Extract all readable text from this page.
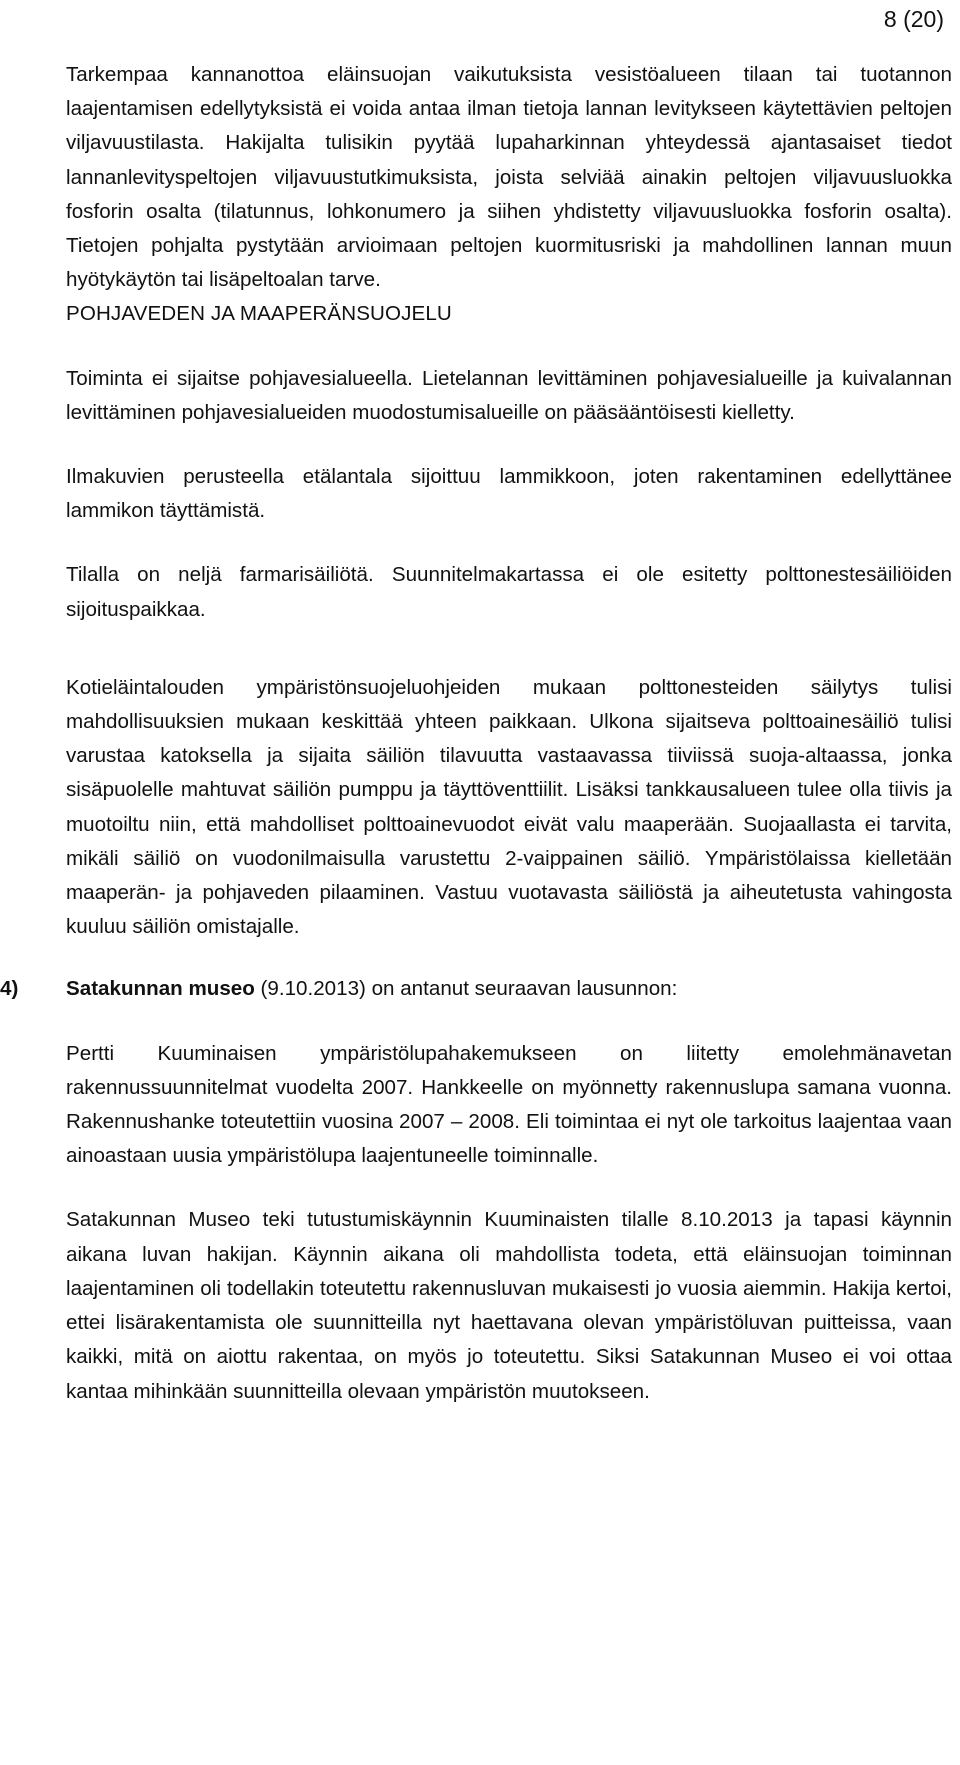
8 (20)

Tarkempaa kannanottoa eläinsuojan vaikutuksista vesistöalueen tilaan tai tuotannon laajentamisen edellytyksistä ei voida antaa ilman tietoja lannan levitykseen käytettävien peltojen viljavuustilasta. Hakijalta tulisikin pyytää lupaharkinnan yhteydessä ajantasaiset tiedot lannanlevityspeltojen viljavuustutkimuksista, joista selviää ainakin peltojen viljavuusluokka fosforin osalta (tilatunnus, lohkonumero ja siihen yhdistetty viljavuusluokka fosforin osalta). Tietojen pohjalta pystytään arvioimaan peltojen kuormitusriski ja mahdollinen lannan muun hyötykäytön tai lisäpeltoalan tarve.

POHJAVEDEN JA MAAPERÄNSUOJELU

Toiminta ei sijaitse pohjavesialueella. Lietelannan levittäminen pohjavesialueille ja kuivalannan levittäminen pohjavesialueiden muodostumisalueille on pääsääntöisesti kielletty.

Ilmakuvien perusteella etälantala sijoittuu lammikkoon, joten rakentaminen edellyttänee lammikon täyttämistä.

Tilalla on neljä farmarisäiliötä. Suunnitelmakartassa ei ole esitetty polttonestesäiliöiden sijoituspaikkaa.

Kotieläintalouden ympäristönsuojeluohjeiden mukaan polttonesteiden säilytys tulisi mahdollisuuksien mukaan keskittää yhteen paikkaan. Ulkona sijaitseva polttoainesäiliö tulisi varustaa katoksella ja sijaita säiliön tilavuutta vastaavassa tiiviissä suoja-altaassa, jonka sisäpuolelle mahtuvat säiliön pumppu ja täyttöventtiilit. Lisäksi tankkausalueen tulee olla tiivis ja muotoiltu niin, että mahdolliset polttoainevuodot eivät valu maaperään. Suojaallasta ei tarvita, mikäli säiliö on vuodonilmaisulla varustettu 2-vaippainen säiliö. Ympäristölaissa kielletään maaperän- ja pohjaveden pilaaminen. Vastuu vuotavasta säiliöstä ja aiheutetusta vahingosta kuuluu säiliön omistajalle.

4) Satakunnan museo (9.10.2013) on antanut seuraavan lausunnon:

Pertti Kuuminaisen ympäristölupahakemukseen on liitetty emolehmänavetan rakennussuunnitelmat vuodelta 2007. Hankkeelle on myönnetty rakennuslupa samana vuonna. Rakennushanke toteutettiin vuosina 2007 – 2008. Eli toimintaa ei nyt ole tarkoitus laajentaa vaan ainoastaan uusia ympäristölupa laajentuneelle toiminnalle.

Satakunnan Museo teki tutustumiskäynnin Kuuminaisten tilalle 8.10.2013 ja tapasi käynnin aikana luvan hakijan. Käynnin aikana oli mahdollista todeta, että eläinsuojan toiminnan laajentaminen oli todellakin toteutettu rakennusluvan mukaisesti jo vuosia aiemmin. Hakija kertoi, ettei lisärakentamista ole suunnitteilla nyt haettavana olevan ympäristöluvan puitteissa, vaan kaikki, mitä on aiottu rakentaa, on myös jo toteutettu. Siksi Satakunnan Museo ei voi ottaa kantaa mihinkään suunnitteilla olevaan ympäristön muutokseen.
